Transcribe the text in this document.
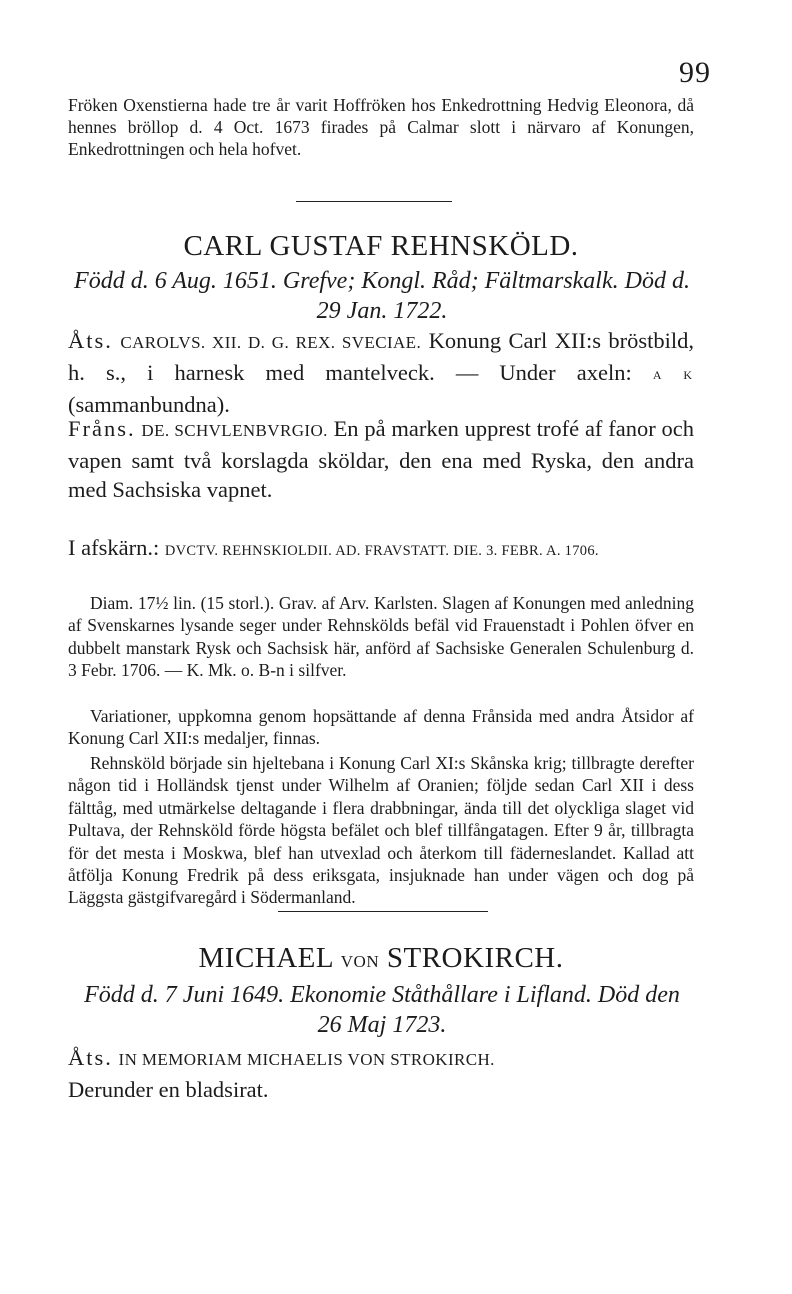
99

Fröken Oxenstierna hade tre år varit Hoffröken hos Enkedrottning Hedvig Eleonora, då hennes bröllop d. 4 Oct. 1673 firades på Calmar slott i närvaro af Konungen, Enkedrottningen och hela hofvet.

CARL GUSTAF REHNSKÖLD.
Född d. 6 Aug. 1651. Grefve; Kongl. Råd; Fältmarskalk. Död d. 29 Jan. 1722.

Åts. CAROLVS. XII. D. G. REX. SVECIAE. Konung Carl XII:s bröstbild, h. s., i harnesk med mantelveck. — Under axeln: A K (sammanbundna).

Fråns. DE. SCHVLENBVRGIO. En på marken upprest trofé af fanor och vapen samt två korslagda sköldar, den ena med Ryska, den andra med Sachsiska vapnet.

I afskärn.: DVCTV. REHNSKIOLDII. AD. FRAVSTATT. DIE. 3. FEBR. A. 1706.

Diam. 17½ lin. (15 storl.). Grav. af Arv. Karlsten. Slagen af Konungen med anledning af Svenskarnes lysande seger under Rehnskölds befäl vid Frauenstadt i Pohlen öfver en dubbelt manstark Rysk och Sachsisk här, anförd af Sachsiske Generalen Schulenburg d. 3 Febr. 1706. — K. Mk. o. B-n i silfver.

Variationer, uppkomna genom hopsättande af denna Frånsida med andra Åtsidor af Konung Carl XII:s medaljer, finnas.

Rehnsköld började sin hjeltebana i Konung Carl XI:s Skånska krig; tillbragte derefter någon tid i Holländsk tjenst under Wilhelm af Oranien; följde sedan Carl XII i dess fälttåg, med utmärkelse deltagande i flera drabbningar, ända till det olyckliga slaget vid Pultava, der Rehnsköld förde högsta befälet och blef tillfångatagen. Efter 9 år, tillbragta för det mesta i Moskwa, blef han utvexlad och återkom till fäderneslandet. Kallad att åtfölja Konung Fredrik på dess eriksgata, insjuknade han under vägen och dog på Läggsta gästgifvaregård i Södermanland.

MICHAEL VON STROKIRCH.
Född d. 7 Juni 1649. Ekonomie Ståthållare i Lifland. Död den 26 Maj 1723.

Åts. IN MEMORIAM MICHAELIS VON STROKIRCH.
Derunder en bladsirat.
